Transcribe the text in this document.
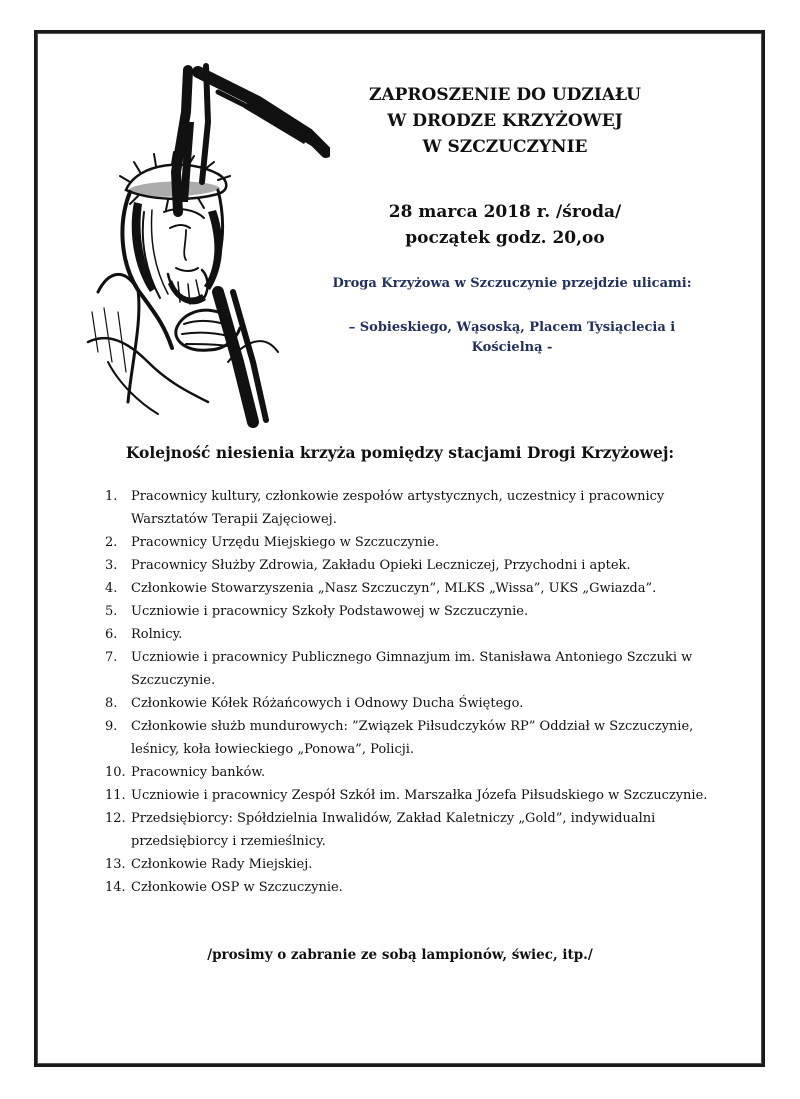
ZAPROSZENIE DO UDZIAŁU
W DRODZE KRZYŻOWEJ
W SZCZUCZYNIE
28 marca 2018 r. /środa/
początek godz. 20,oo
Droga Krzyżowa w Szczuczynie przejdzie ulicami:
– Sobieskiego, Wąsoską, Placem Tysiąclecia i
Kościelną -
Kolejność niesienia krzyża pomiędzy stacjami Drogi Krzyżowej:
1.	Pracownicy kultury, członkowie zespołów artystycznych, uczestnicy i pracownicy Warsztatów Terapii Zajęciowej.
2.	Pracownicy Urzędu Miejskiego w Szczuczynie.
3.	Pracownicy Służby Zdrowia, Zakładu Opieki Leczniczej, Przychodni i aptek.
4.	Członkowie Stowarzyszenia „Nasz Szczuczyn”, MLKS „Wissa”, UKS „Gwiazda”.
5.	Uczniowie i pracownicy Szkoły Podstawowej w Szczuczynie.
6.	Rolnicy.
7.	Uczniowie i pracownicy Publicznego Gimnazjum im. Stanisława Antoniego Szczuki w Szczuczynie.
8.	Członkowie Kółek Różańcowych i Odnowy Ducha Świętego.
9.	Członkowie służb mundurowych: ”Związek Piłsudczyków RP” Oddział w Szczuczynie, leśnicy, koła łowieckiego „Ponowa”, Policji.
10. Pracownicy banków.
11. Uczniowie i pracownicy Zespół Szkół im. Marszałka Józefa Piłsudskiego w Szczuczynie.
12. Przedsiębiorcy: Spółdzielnia Inwalidów, Zakład Kaletniczy „Gold”, indywidualni przedsiębiorcy i rzemieślnicy.
13. Członkowie Rady Miejskiej.
14. Członkowie OSP w Szczuczynie.
/prosimy o zabranie ze sobą lampionów, świec, itp./
